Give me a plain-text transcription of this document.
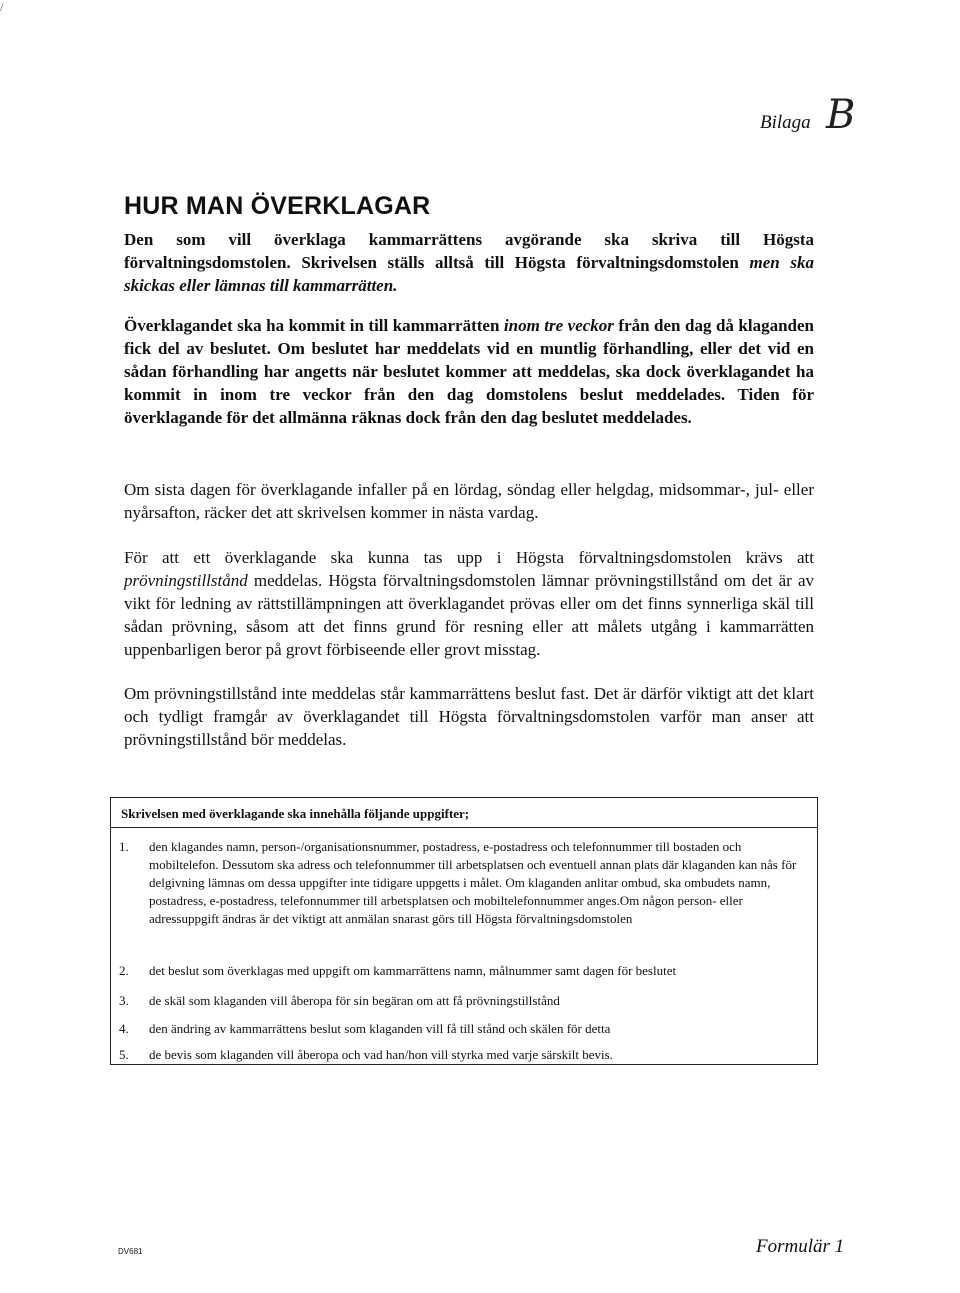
/
Bilaga B
HUR MAN ÖVERKLAGAR

Den som vill överklaga kammarrättens avgörande ska skriva till Högsta förvaltningsdomstolen. Skrivelsen ställs alltså till Högsta förvaltningsdomstolen men ska skickas eller lämnas till kammarrätten.

Överklagandet ska ha kommit in till kammarrätten inom tre veckor från den dag då klaganden fick del av beslutet. Om beslutet har meddelats vid en muntlig förhandling, eller det vid en sådan förhandling har angetts när beslutet kommer att meddelas, ska dock överklagandet ha kommit in inom tre veckor från den dag domstolens beslut meddelades. Tiden för överklagande för det allmänna räknas dock från den dag beslutet meddelades.

Om sista dagen för överklagande infaller på en lördag, söndag eller helgdag, midsommar-, jul- eller nyårsafton, räcker det att skrivelsen kommer in nästa vardag.

För att ett överklagande ska kunna tas upp i Högsta förvaltningsdomstolen krävs att prövningstillstånd meddelas. Högsta förvaltningsdomstolen lämnar prövningstillstånd om det är av vikt för ledning av rättstillämpningen att överklagandet prövas eller om det finns synnerliga skäl till sådan prövning, såsom att det finns grund för resning eller att målets utgång i kammarrätten uppenbarligen beror på grovt förbiseende eller grovt misstag.

Om prövningstillstånd inte meddelas står kammarrättens beslut fast. Det är därför viktigt att det klart och tydligt framgår av överklagandet till Högsta förvaltningsdomstolen varför man anser att prövningstillstånd bör meddelas.

Skrivelsen med överklagande ska innehålla följande uppgifter;
1. den klagandes namn, person-/organisationsnummer, postadress, e-postadress och telefonnummer till bostaden och mobiltelefon. Dessutom ska adress och telefonnummer till arbetsplatsen och eventuell annan plats där klaganden kan nås för delgivning lämnas om dessa uppgifter inte tidigare uppgetts i målet. Om klaganden anlitar ombud, ska ombudets namn, postadress, e-postadress, telefonnummer till arbetsplatsen och mobiltelefonnummer anges.Om någon person- eller adressuppgift ändras är det viktigt att anmälan snarast görs till Högsta förvaltningsdomstolen
2. det beslut som överklagas med uppgift om kammarrättens namn, målnummer samt dagen för beslutet
3. de skäl som klaganden vill åberopa för sin begäran om att få prövningstillstånd
4. den ändring av kammarrättens beslut som klaganden vill få till stånd och skälen för detta
5. de bevis som klaganden vill åberopa och vad han/hon vill styrka med varje särskilt bevis.
DV681	Formulär 1
